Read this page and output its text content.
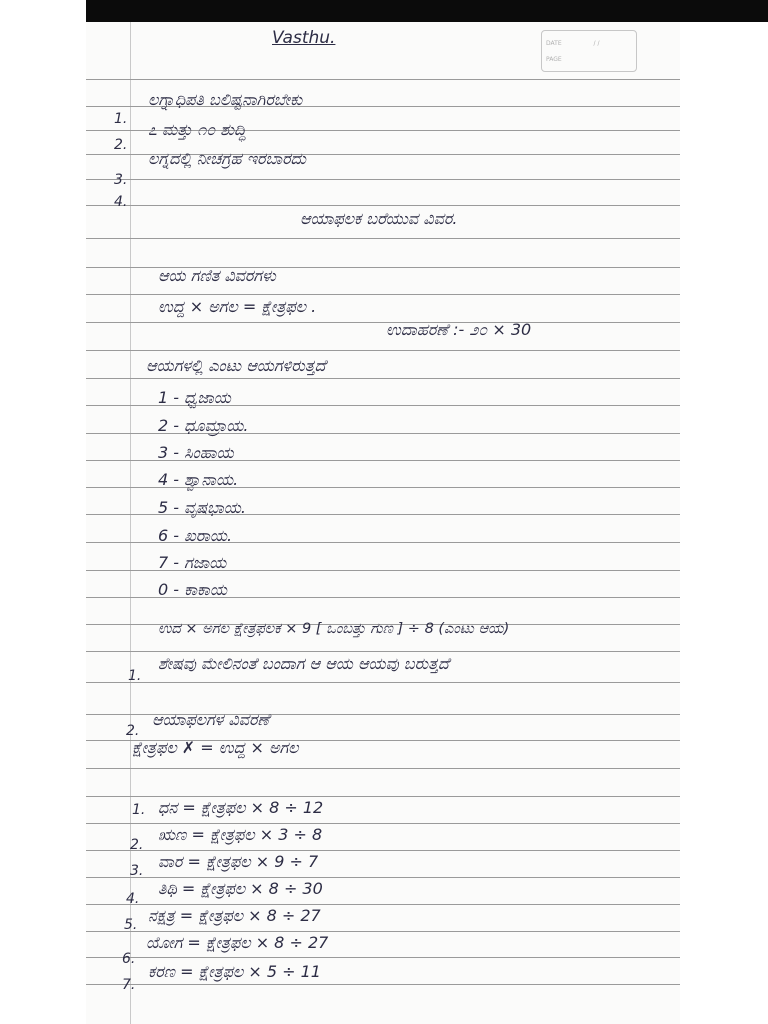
DATE	/ /
PAGE
Vasthu.
1.
ಲಗ್ನಾಧಿಪತಿ ಬಲಿಷ್ಟನಾಗಿರಬೇಕು
2.
೭ ಮತ್ತು ೧೦ ಶುದ್ಧಿ
3.
ಲಗ್ನದಲ್ಲಿ ನೀಚಗ್ರಹ ಇರಬಾರದು
4.
ಆಯಾಫಲಕ ಬರೆಯುವ ವಿವರ.
ಆಯ ಗಣಿತ ವಿವರಗಳು
ಉದ್ದ × ಅಗಲ = ಕ್ಷೇತ್ರಫಲ .
ಉದಾಹರಣೆ :- ೨೦ × 30
ಆಯಗಳಲ್ಲಿ ಎಂಟು ಆಯಗಳಿರುತ್ತದೆ
1 - ಧ್ವಜಾಯ
2 - ಧೂಮ್ರಾಯ.
3 - ಸಿಂಹಾಯ
4 - ಶ್ವಾನಾಯ.
5 - ವೃಷಭಾಯ.
6 - ಖರಾಯ.
7 - ಗಜಾಯ
0 - ಕಾಕಾಯ
ಉದ × ಅಗಲ ಕ್ಷೇತ್ರಫಲಕ × 9 [ ಒಂಬತ್ತು ಗುಣ ] ÷ 8 (ಎಂಟು ಆಯ)
1.
ಶೇಷವು ಮೇಲಿನಂತೆ ಬಂದಾಗ ಆ ಆಯ ಆಯವು ಬರುತ್ತದೆ
2.
ಆಯಾಫಲಗಳ ವಿವರಣೆ
ಕ್ಷೇತ್ರಫಲ ✗ = ಉದ್ದ × ಅಗಲ
1. ಧನ = ಕ್ಷೇತ್ರಫಲ × 8 ÷ 12
2.
ಋಣ = ಕ್ಷೇತ್ರಫಲ × 3 ÷ 8
3. ವಾರ = ಕ್ಷೇತ್ರಫಲ × 9 ÷ 7
4.
ತಿಥಿ = ಕ್ಷೇತ್ರಫಲ × 8 ÷ 30
5. ನಕ್ಷತ್ರ = ಕ್ಷೇತ್ರಫಲ × 8 ÷ 27
6.
ಯೋಗ = ಕ್ಷೇತ್ರಫಲ × 8 ÷ 27
7.
ಕರಣ = ಕ್ಷೇತ್ರಫಲ × 5 ÷ 11
